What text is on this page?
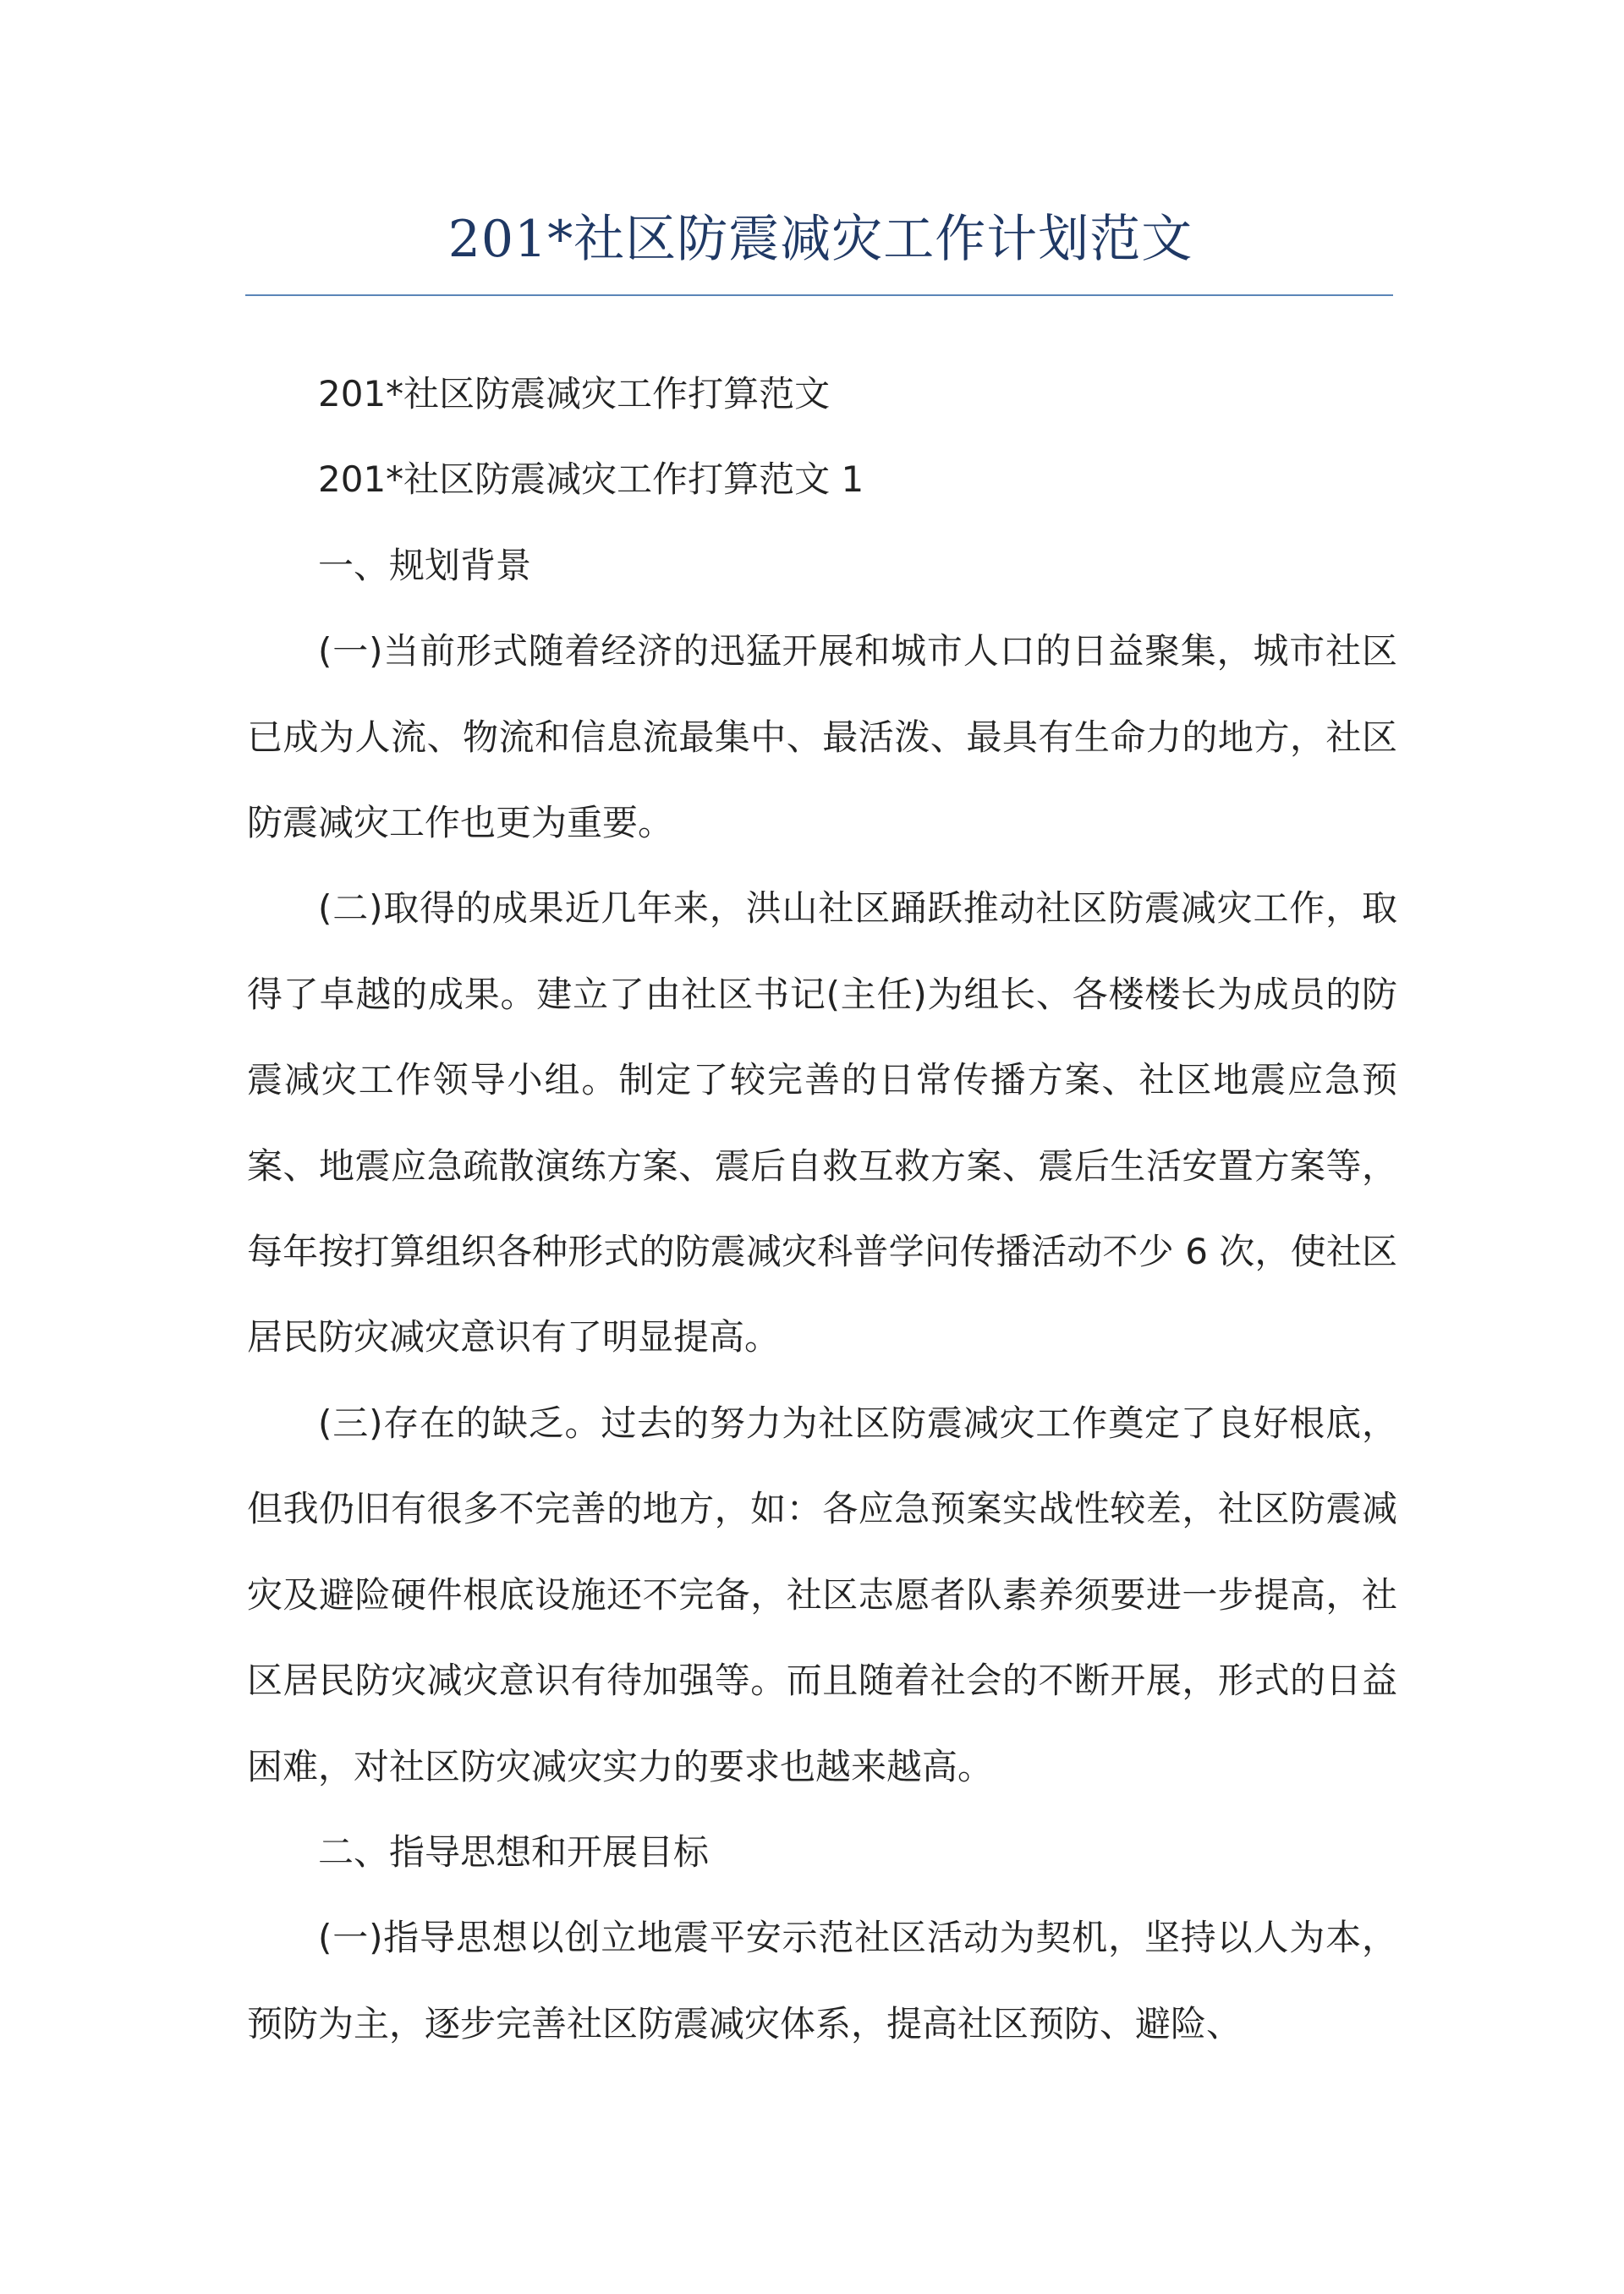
201*社区防震减灾工作计划范文

201*社区防震减灾工作打算范文

201*社区防震减灾工作打算范文 1

一、规划背景

(一)当前形式随着经济的迅猛开展和城市人口的日益聚集，城市社区已成为人流、物流和信息流最集中、最活泼、最具有生命力的地方，社区防震减灾工作也更为重要。

(二)取得的成果近几年来，洪山社区踊跃推动社区防震减灾工作，取得了卓越的成果。建立了由社区书记(主任)为组长、各楼楼长为成员的防震减灾工作领导小组。制定了较完善的日常传播方案、社区地震应急预案、地震应急疏散演练方案、震后自救互救方案、震后生活安置方案等，每年按打算组织各种形式的防震减灾科普学问传播活动不少 6 次，使社区居民防灾减灾意识有了明显提高。

(三)存在的缺乏。过去的努力为社区防震减灾工作奠定了良好根底，但我仍旧有很多不完善的地方，如：各应急预案实战性较差，社区防震减灾及避险硬件根底设施还不完备，社区志愿者队素养须要进一步提高，社区居民防灾减灾意识有待加强等。而且随着社会的不断开展，形式的日益困难，对社区防灾减灾实力的要求也越来越高。

二、指导思想和开展目标

(一)指导思想以创立地震平安示范社区活动为契机，坚持以人为本，预防为主，逐步完善社区防震减灾体系，提高社区预防、避险、
